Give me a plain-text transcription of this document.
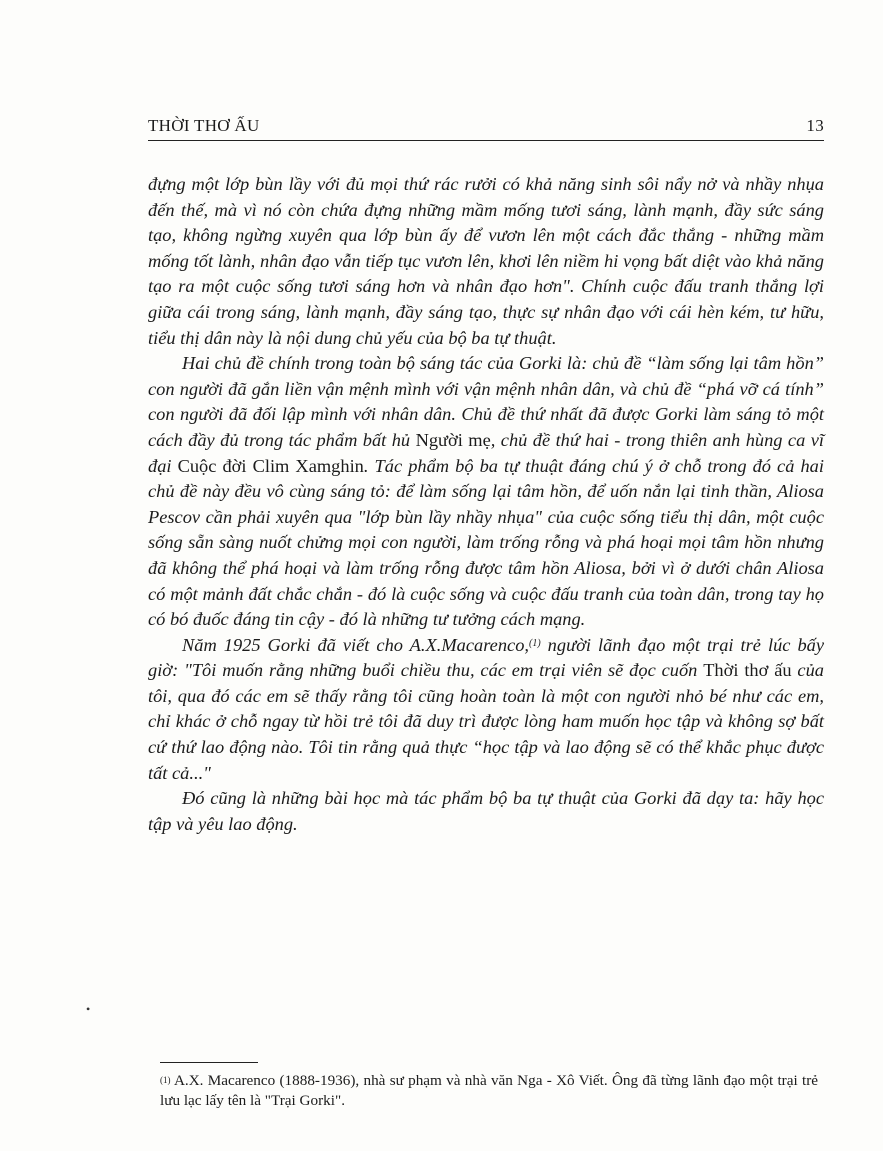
THỜI THƠ ẤU	13

đựng một lớp bùn lầy với đủ mọi thứ rác rưởi có khả năng sinh sôi nẩy nở và nhầy nhụa đến thế, mà vì nó còn chứa đựng những mầm mống tươi sáng, lành mạnh, đầy sức sáng tạo, không ngừng xuyên qua lớp bùn ấy để vươn lên một cách đắc thắng - những mầm mống tốt lành, nhân đạo vẫn tiếp tục vươn lên, khơi lên niềm hi vọng bất diệt vào khả năng tạo ra một cuộc sống tươi sáng hơn và nhân đạo hơn". Chính cuộc đấu tranh thắng lợi giữa cái trong sáng, lành mạnh, đầy sáng tạo, thực sự nhân đạo với cái hèn kém, tư hữu, tiểu thị dân này là nội dung chủ yếu của bộ ba tự thuật.

Hai chủ đề chính trong toàn bộ sáng tác của Gorki là: chủ đề “làm sống lại tâm hồn” con người đã gắn liền vận mệnh mình với vận mệnh nhân dân, và chủ đề “phá vỡ cá tính” con người đã đối lập mình với nhân dân. Chủ đề thứ nhất đã được Gorki làm sáng tỏ một cách đầy đủ trong tác phẩm bất hủ Người mẹ, chủ đề thứ hai - trong thiên anh hùng ca vĩ đại Cuộc đời Clim Xamghin. Tác phẩm bộ ba tự thuật đáng chú ý ở chỗ trong đó cả hai chủ đề này đều vô cùng sáng tỏ: để làm sống lại tâm hồn, để uốn nắn lại tinh thần, Aliosa Pescov cần phải xuyên qua "lớp bùn lầy nhầy nhụa" của cuộc sống tiểu thị dân, một cuộc sống sẵn sàng nuốt chửng mọi con người, làm trống rỗng và phá hoại mọi tâm hồn nhưng đã không thể phá hoại và làm trống rỗng được tâm hồn Aliosa, bởi vì ở dưới chân Aliosa có một mảnh đất chắc chắn - đó là cuộc sống và cuộc đấu tranh của toàn dân, trong tay họ có bó đuốc đáng tin cậy - đó là những tư tưởng cách mạng.

Năm 1925 Gorki đã viết cho A.X.Macarenco,$^{(1)}$ người lãnh đạo một trại trẻ lúc bấy giờ: "Tôi muốn rằng những buổi chiều thu, các em trại viên sẽ đọc cuốn Thời thơ ấu của tôi, qua đó các em sẽ thấy rằng tôi cũng hoàn toàn là một con người nhỏ bé như các em, chỉ khác ở chỗ ngay từ hồi trẻ tôi đã duy trì được lòng ham muốn học tập và không sợ bất cứ thứ lao động nào. Tôi tin rằng quả thực “học tập và lao động sẽ có thể khắc phục được tất cả..."

Đó cũng là những bài học mà tác phẩm bộ ba tự thuật của Gorki đã dạy ta: hãy học tập và yêu lao động.

$^{(1)}$ A.X. Macarenco (1888-1936), nhà sư phạm và nhà văn Nga - Xô Viết. Ông đã từng lãnh đạo một trại trẻ lưu lạc lấy tên là "Trại Gorki".
•
